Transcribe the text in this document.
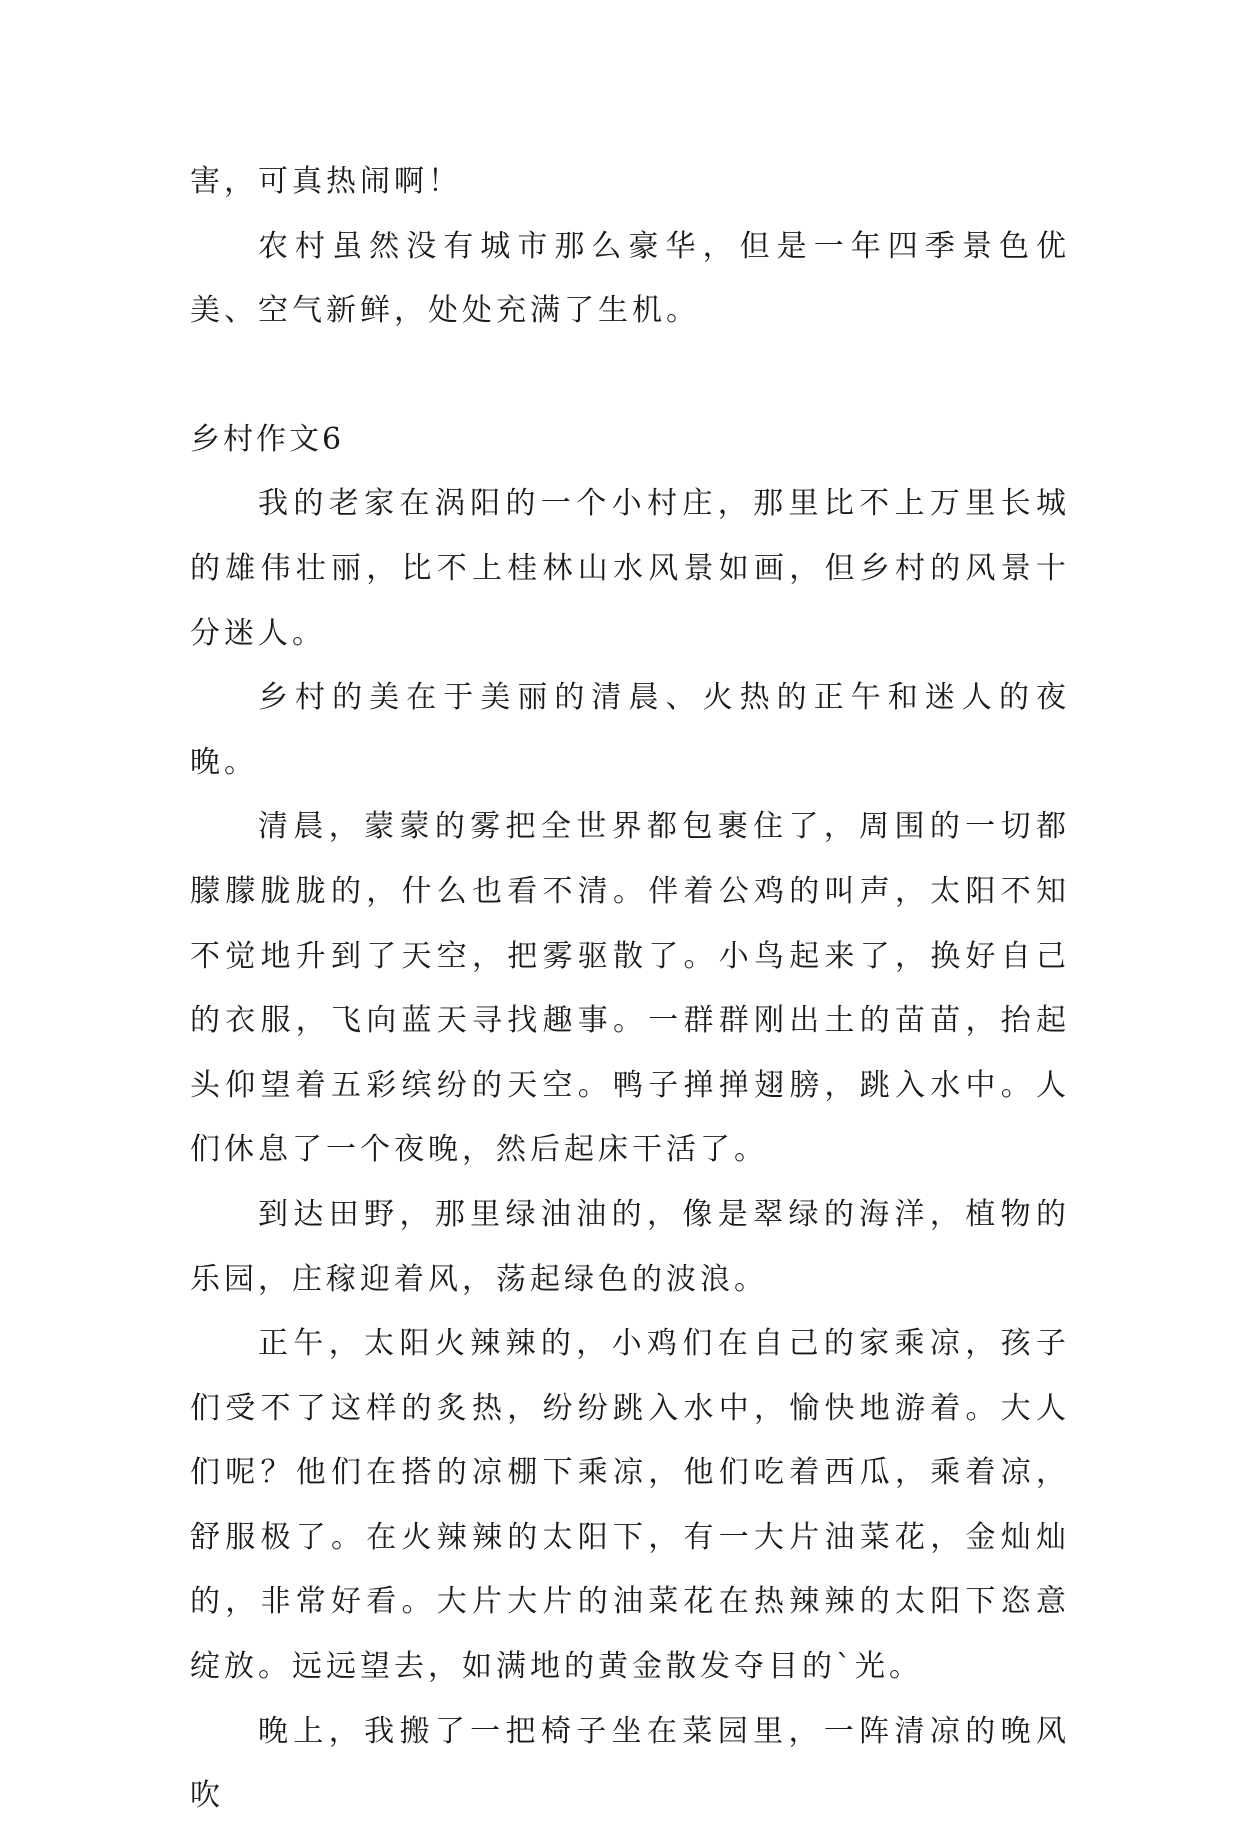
害，可真热闹啊！

农村虽然没有城市那么豪华，但是一年四季景色优美、空气新鲜，处处充满了生机。

乡村作文6

我的老家在涡阳的一个小村庄，那里比不上万里长城的雄伟壮丽，比不上桂林山水风景如画，但乡村的风景十分迷人。

乡村的美在于美丽的清晨、火热的正午和迷人的夜晚。

清晨，蒙蒙的雾把全世界都包裹住了，周围的一切都朦朦胧胧的，什么也看不清。伴着公鸡的叫声，太阳不知不觉地升到了天空，把雾驱散了。小鸟起来了，换好自己的衣服，飞向蓝天寻找趣事。一群群刚出土的苗苗，抬起头仰望着五彩缤纷的天空。鸭子掸掸翅膀，跳入水中。人们休息了一个夜晚，然后起床干活了。

到达田野，那里绿油油的，像是翠绿的海洋，植物的乐园，庄稼迎着风，荡起绿色的波浪。

正午，太阳火辣辣的，小鸡们在自己的家乘凉，孩子们受不了这样的炙热，纷纷跳入水中，愉快地游着。大人们呢？他们在搭的凉棚下乘凉，他们吃着西瓜，乘着凉，舒服极了。在火辣辣的太阳下，有一大片油菜花，金灿灿的，非常好看。大片大片的油菜花在热辣辣的太阳下恣意绽放。远远望去，如满地的黄金散发夺目的`光。

晚上，我搬了一把椅子坐在菜园里，一阵清凉的晚风吹
